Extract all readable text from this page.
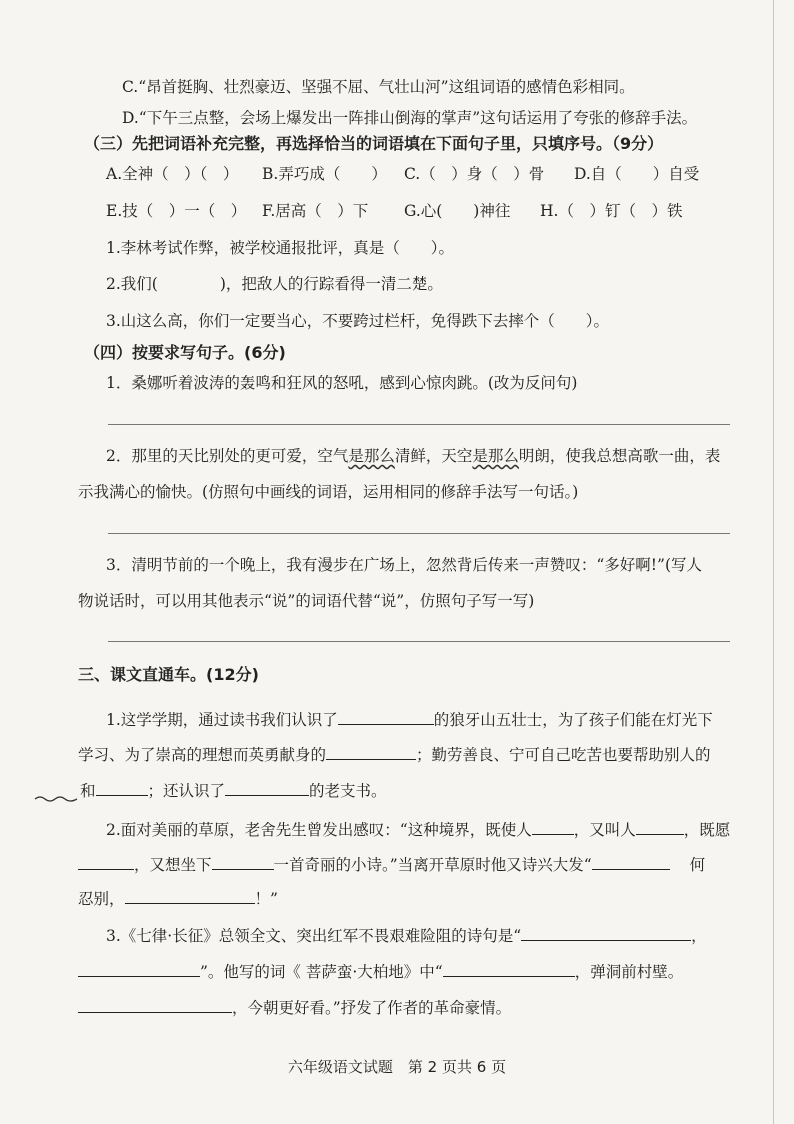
C.“昂首挺胸、壮烈豪迈、坚强不屈、气壮山河”这组词语的感情色彩相同。
D.“下午三点整，会场上爆发出一阵排山倒海的掌声”这句话运用了夸张的修辞手法。
（三）先把词语补充完整，再选择恰当的词语填在下面句子里，只填序号。（9分）
A.全神（　）（　） B.弄巧成（　　） C.（　）身（　）骨 D.自（　　）自受
E.技（　）一（　） F.居高（　）下 G.心(　　)神往 H.（　）钉（　）铁
1.李林考试作弊，被学校通报批评，真是（　　）。
2.我们(　　　　)，把敌人的行踪看得一清二楚。
3.山这么高，你们一定要当心，不要跨过栏杆，免得跌下去摔个（　　）。
（四）按要求写句子。(6分)
1．桑娜听着波涛的轰鸣和狂风的怒吼，感到心惊肉跳。(改为反问句)
2．那里的天比别处的更可爱，空气是那么清鲜，天空是那么明朗，使我总想高歌一曲，表
示我满心的愉快。(仿照句中画线的词语，运用相同的修辞手法写一句话。)
3．清明节前的一个晚上，我有漫步在广场上，忽然背后传来一声赞叹：“多好啊!”(写人
物说话时，可以用其他表示“说”的词语代替“说”，仿照句子写一写)
三、课文直通车。(12分)
1.这学学期，通过读书我们认识了	的狼牙山五壮士，为了孩子们能在灯光下
学习、为了崇高的理想而英勇献身的	；勤劳善良、宁可自己吃苦也要帮助别人的
和	；还认识了	的老支书。
2.面对美丽的草原，老舍先生曾发出感叹：“这种境界，既使人	，又叫人	，既愿
，又想坐下	一首奇丽的小诗。”当离开草原时他又诗兴大发“	何
忍别，	！”
3.《七律·长征》总领全文、突出红军不畏艰难险阻的诗句是“	，
”。他写的词《 菩萨蛮·大柏地》中“	，弹洞前村壁。
，今朝更好看。”抒发了作者的革命豪情。
六年级语文试题　第 2 页共 6 页
